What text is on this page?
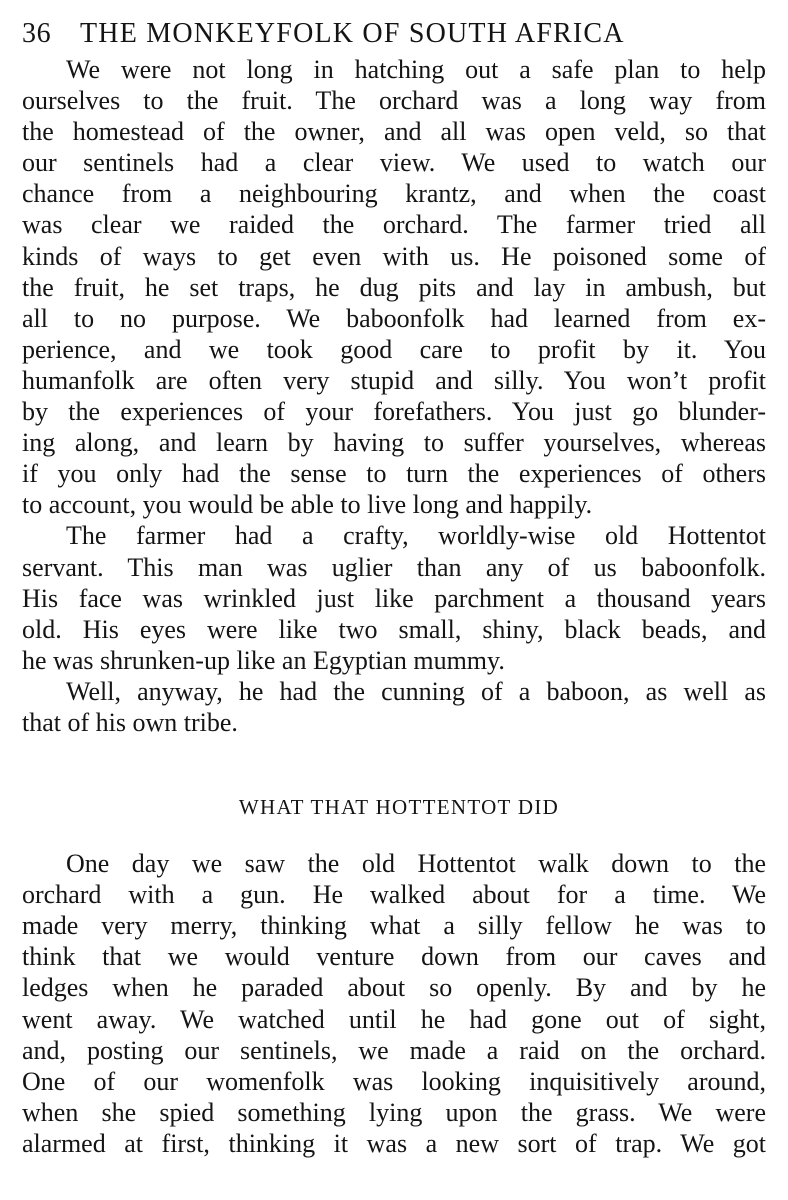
36	THE MONKEYFOLK OF SOUTH AFRICA

We were not long in hatching out a safe plan to help
ourselves to the fruit. The orchard was a long way from
the homestead of the owner, and all was open veld, so that
our sentinels had a clear view. We used to watch our
chance from a neighbouring krantz, and when the coast
was clear we raided the orchard. The farmer tried all
kinds of ways to get even with us. He poisoned some of
the fruit, he set traps, he dug pits and lay in ambush, but
all to no purpose. We baboonfolk had learned from ex-
perience, and we took good care to profit by it. You
humanfolk are often very stupid and silly. You won’t profit
by the experiences of your forefathers. You just go blunder-
ing along, and learn by having to suffer yourselves, whereas
if you only had the sense to turn the experiences of others
to account, you would be able to live long and happily.

The farmer had a crafty, worldly-wise old Hottentot
servant. This man was uglier than any of us baboonfolk.
His face was wrinkled just like parchment a thousand years
old. His eyes were like two small, shiny, black beads, and
he was shrunken-up like an Egyptian mummy.

Well, anyway, he had the cunning of a baboon, as well as
that of his own tribe.

WHAT THAT HOTTENTOT DID

One day we saw the old Hottentot walk down to the
orchard with a gun. He walked about for a time. We
made very merry, thinking what a silly fellow he was to
think that we would venture down from our caves and
ledges when he paraded about so openly. By and by he
went away. We watched until he had gone out of sight,
and, posting our sentinels, we made a raid on the orchard.
One of our womenfolk was looking inquisitively around,
when she spied something lying upon the grass. We were
alarmed at first, thinking it was a new sort of trap. We got
